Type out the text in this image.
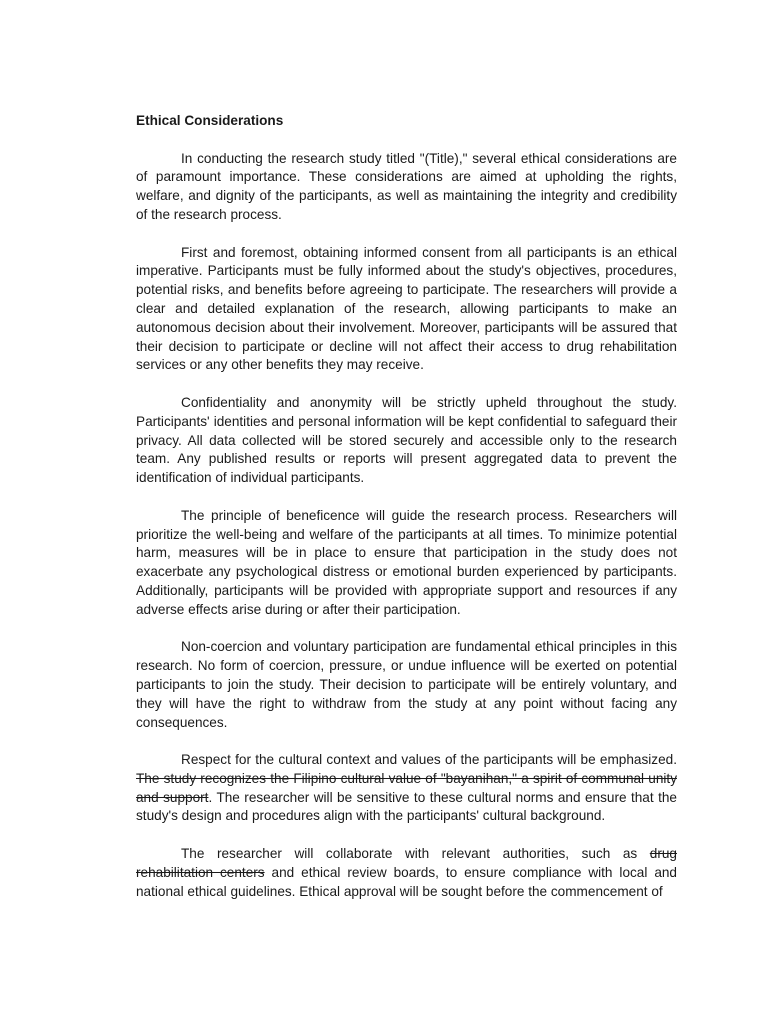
Ethical Considerations

In conducting the research study titled "(Title)," several ethical considerations are of paramount importance. These considerations are aimed at upholding the rights, welfare, and dignity of the participants, as well as maintaining the integrity and credibility of the research process.

First and foremost, obtaining informed consent from all participants is an ethical imperative. Participants must be fully informed about the study's objectives, procedures, potential risks, and benefits before agreeing to participate. The researchers will provide a clear and detailed explanation of the research, allowing participants to make an autonomous decision about their involvement. Moreover, participants will be assured that their decision to participate or decline will not affect their access to drug rehabilitation services or any other benefits they may receive.

Confidentiality and anonymity will be strictly upheld throughout the study. Participants' identities and personal information will be kept confidential to safeguard their privacy. All data collected will be stored securely and accessible only to the research team. Any published results or reports will present aggregated data to prevent the identification of individual participants.

The principle of beneficence will guide the research process. Researchers will prioritize the well-being and welfare of the participants at all times. To minimize potential harm, measures will be in place to ensure that participation in the study does not exacerbate any psychological distress or emotional burden experienced by participants. Additionally, participants will be provided with appropriate support and resources if any adverse effects arise during or after their participation.

Non-coercion and voluntary participation are fundamental ethical principles in this research. No form of coercion, pressure, or undue influence will be exerted on potential participants to join the study. Their decision to participate will be entirely voluntary, and they will have the right to withdraw from the study at any point without facing any consequences.

Respect for the cultural context and values of the participants will be emphasized. The study recognizes the Filipino cultural value of "bayanihan," a spirit of communal unity and support. The researcher will be sensitive to these cultural norms and ensure that the study's design and procedures align with the participants' cultural background.

The researcher will collaborate with relevant authorities, such as drug rehabilitation centers and ethical review boards, to ensure compliance with local and national ethical guidelines. Ethical approval will be sought before the commencement of
